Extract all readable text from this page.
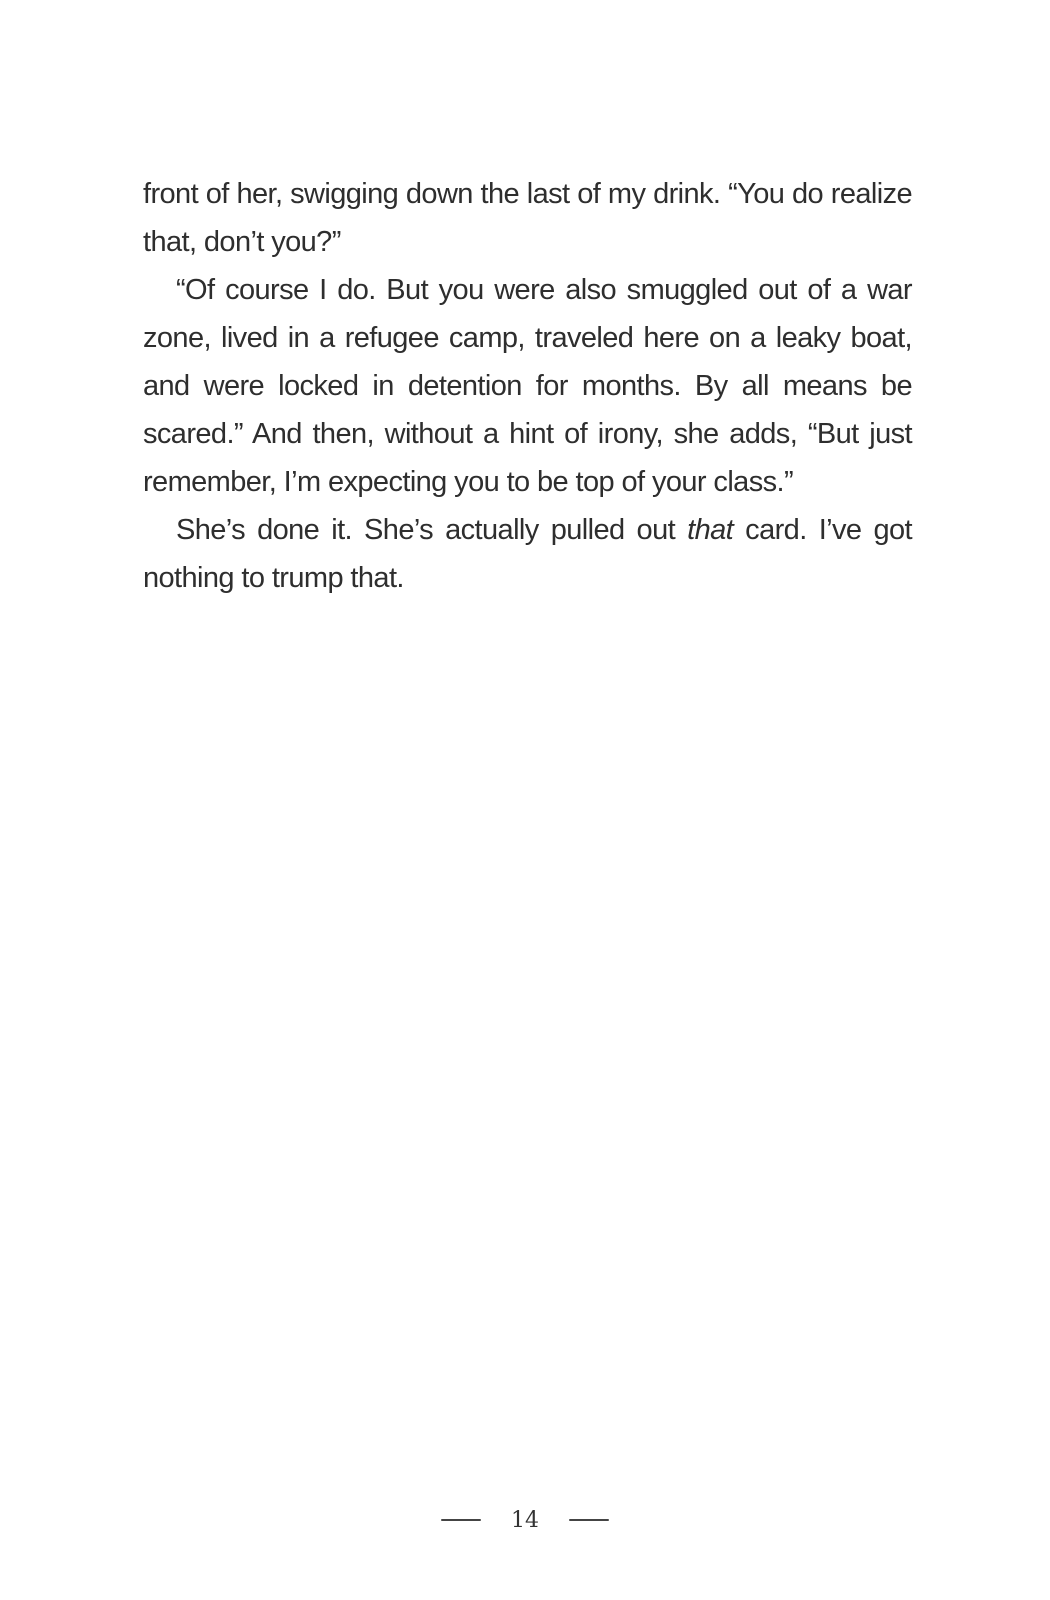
front of her, swigging down the last of my drink. “You do realize that, don’t you?”

“Of course I do. But you were also smuggled out of a war zone, lived in a refugee camp, traveled here on a leaky boat, and were locked in detention for months. By all means be scared.” And then, without a hint of irony, she adds, “But just remember, I’m expecting you to be top of your class.”

She’s done it. She’s actually pulled out that card. I’ve got nothing to trump that.

14
